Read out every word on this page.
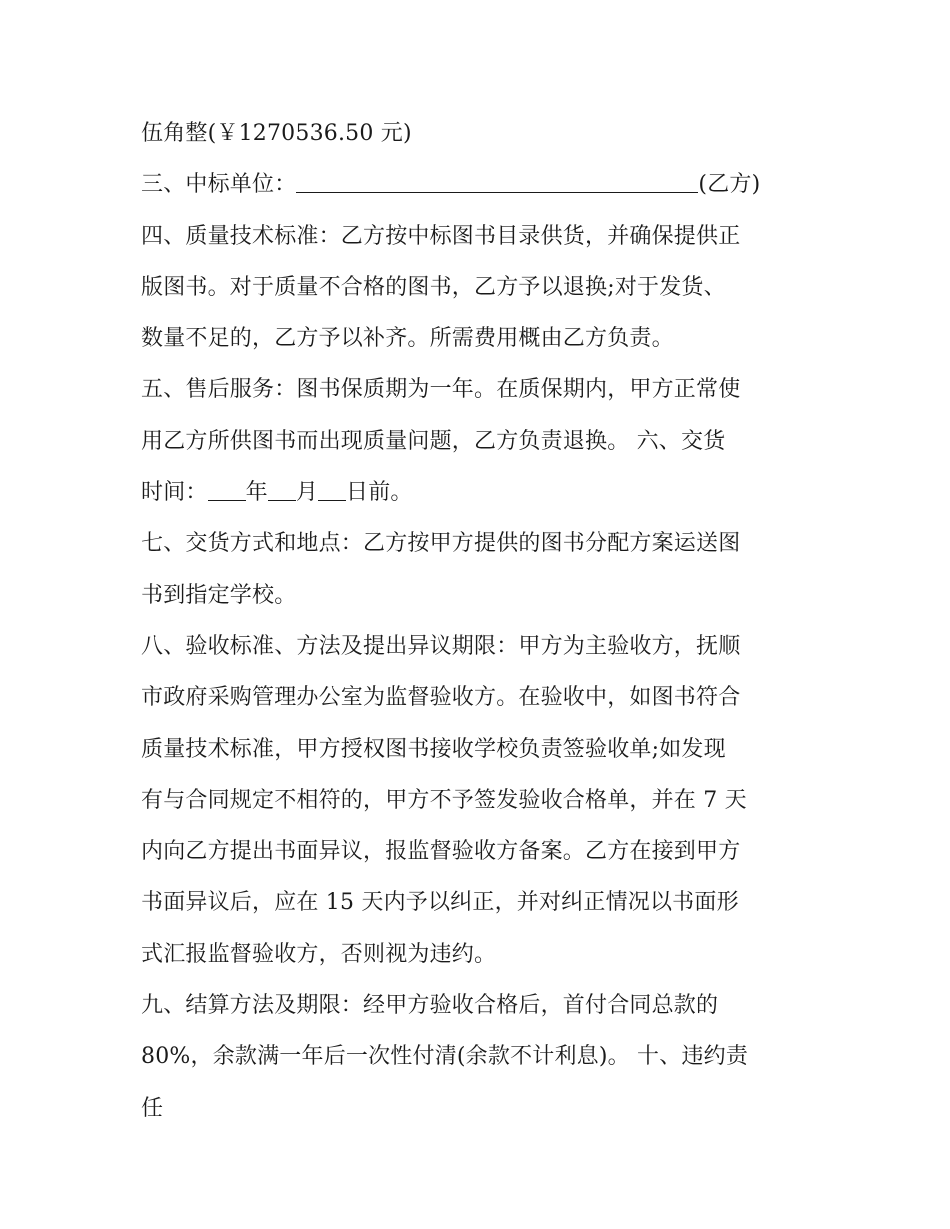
伍角整(￥1270536.50 元)
三、中标单位：	(乙方)
四、质量技术标准：乙方按中标图书目录供货，并确保提供正
版图书。对于质量不合格的图书，乙方予以退换;对于发货、
数量不足的，乙方予以补齐。所需费用概由乙方负责。
五、售后服务：图书保质期为一年。在质保期内，甲方正常使
用乙方所供图书而出现质量问题，乙方负责退换。 六、交货
时间： 年 月 日前。
七、交货方式和地点：乙方按甲方提供的图书分配方案运送图
书到指定学校。
八、验收标准、方法及提出异议期限：甲方为主验收方，抚顺
市政府采购管理办公室为监督验收方。在验收中，如图书符合
质量技术标准，甲方授权图书接收学校负责签验收单;如发现
有与合同规定不相符的，甲方不予签发验收合格单，并在 7 天
内向乙方提出书面异议，报监督验收方备案。乙方在接到甲方
书面异议后，应在 15 天内予以纠正，并对纠正情况以书面形
式汇报监督验收方，否则视为违约。
九、结算方法及期限：经甲方验收合格后，首付合同总款的
80%，余款满一年后一次性付清(余款不计利息)。 十、违约责
任
